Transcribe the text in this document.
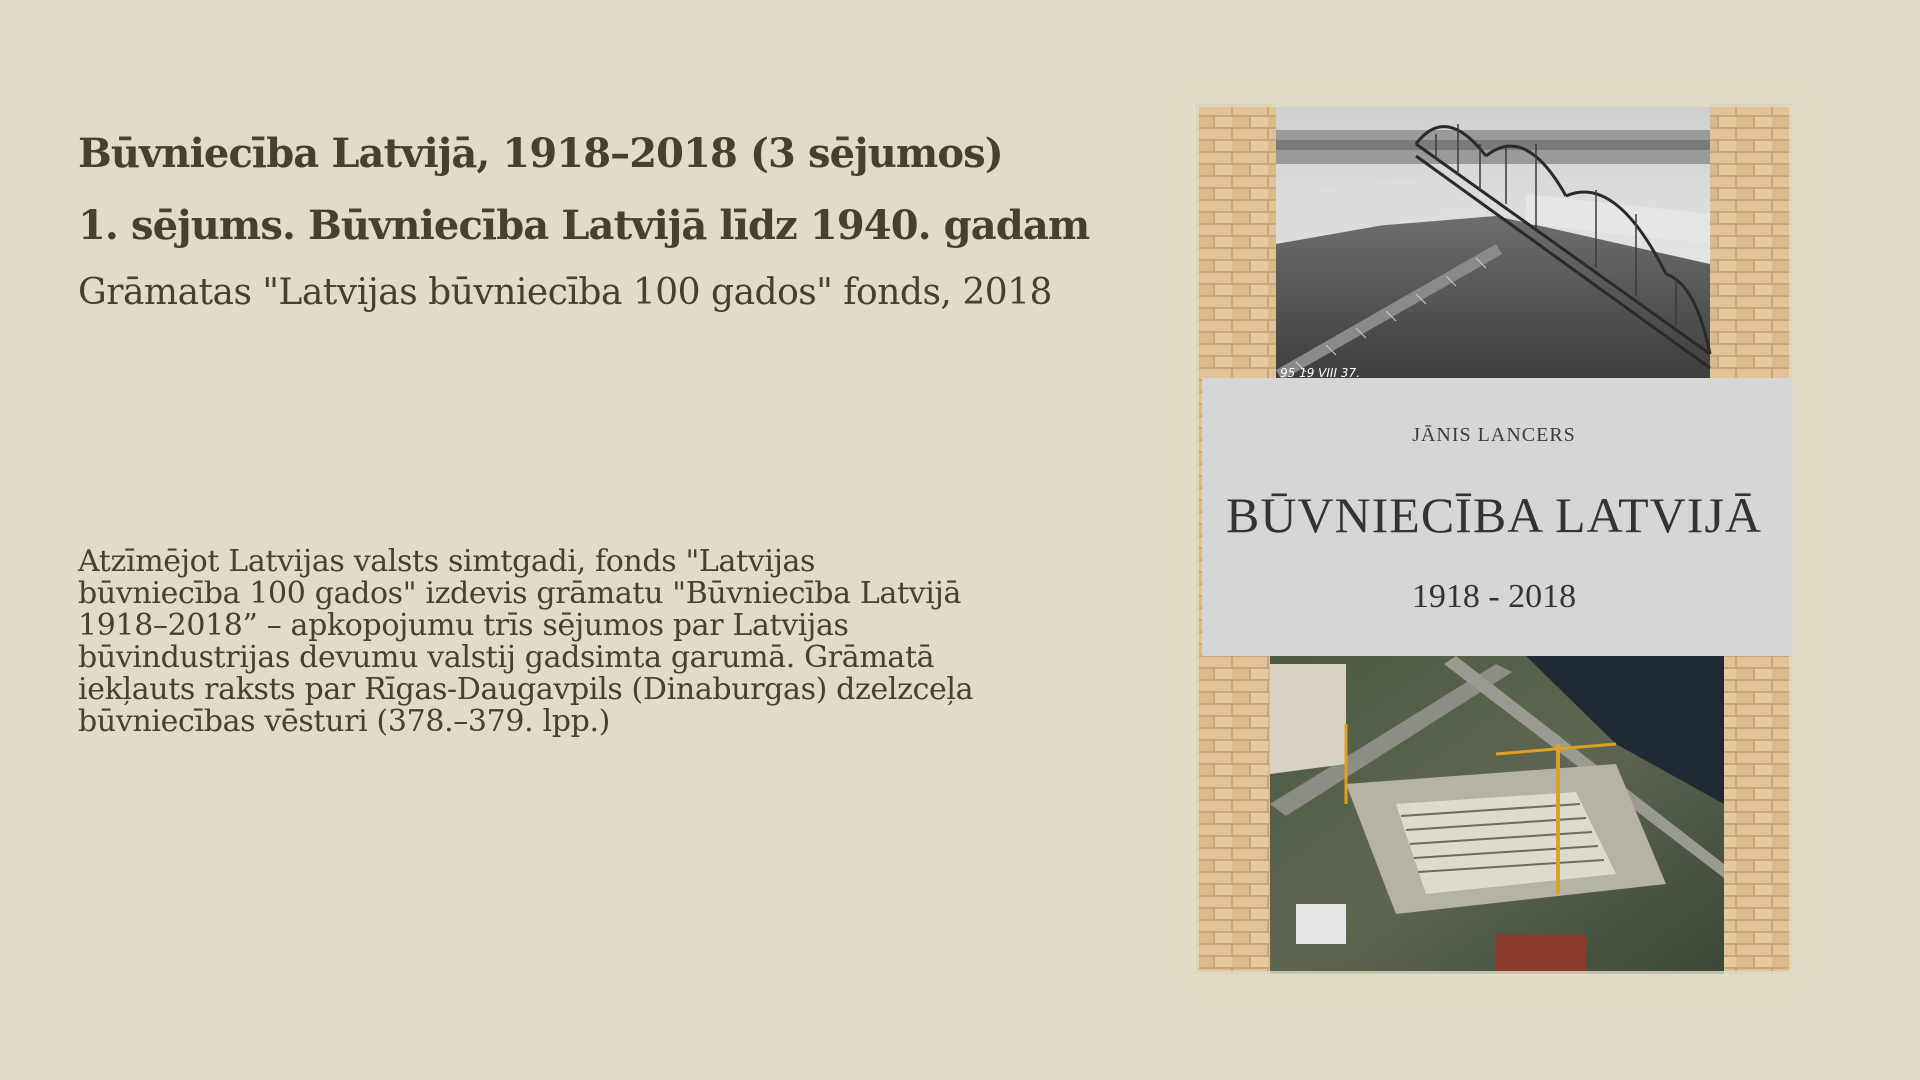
Būvniecība Latvijā, 1918–2018 (3 sējumos)
1. sējums. Būvniecība Latvijā līdz 1940. gadam

Grāmatas "Latvijas būvniecība 100 gados" fonds, 2018

Atzīmējot Latvijas valsts simtgadi, fonds "Latvijas
būvniecība 100 gados" izdevis grāmatu "Būvniecība Latvijā
1918–2018” – apkopojumu trīs sējumos par Latvijas
būvindustrijas devumu valstij gadsimta garumā. Grāmatā
iekļauts raksts par Rīgas-Daugavpils (Dinaburgas) dzelzceļa
būvniecības vēsturi (378.–379. lpp.)

JĀNIS LANCERS
BŪVNIECĪBA LATVIJĀ
1918 - 2018
95 19 VIII 37.
